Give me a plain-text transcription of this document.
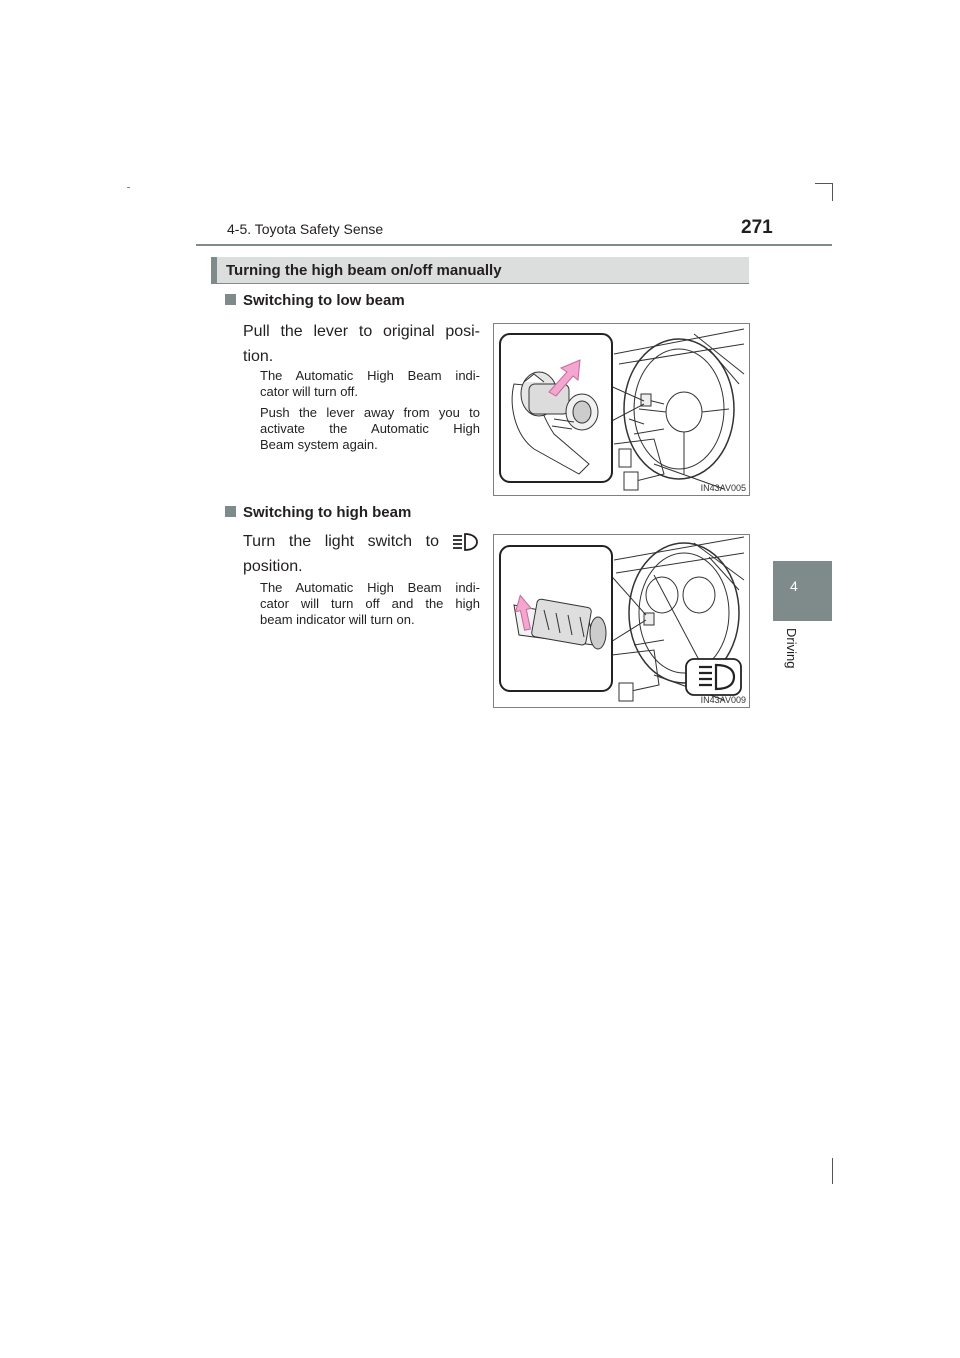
4-5. Toyota Safety Sense	271
4
Driving
Turning the high beam on/off manually
Switching to low beam
Pull the lever to original posi-
tion.
The Automatic High Beam indi-
cator will turn off.
Push the lever away from you to
activate the Automatic High
Beam system again.
IN43AV005
Switching to high beam
Turn the light switch to
position.
The Automatic High Beam indi-
cator will turn off and the high
beam indicator will turn on.
IN43AV009
